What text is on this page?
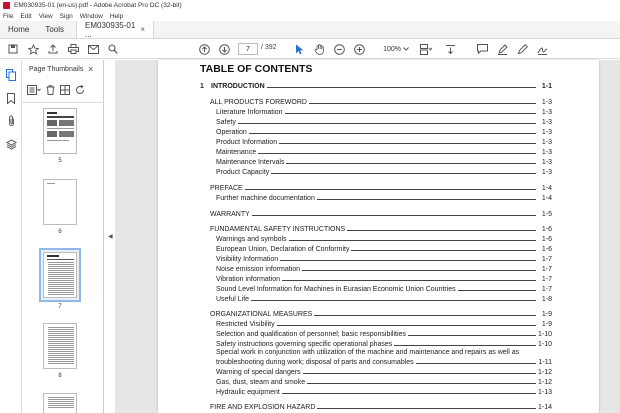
EM030935-01 (en-us).pdf - Adobe Acrobat Pro DC (32-bit)
File Edit View Sign Window Help
Home	Tools	EM030935-01 ...	×
7	/ 392	100%
Page Thumbnails ×
5
6
7
8
◀
TABLE OF CONTENTS
1	INTRODUCTION	1-1
ALL PRODUCTS FOREWORD	1-3
Literature Information	1-3
Safety	1-3
Operation	1-3
Product Information	1-3
Maintenance	1-3
Maintenance Intervals	1-3
Product Capacity	1-3
PREFACE	1-4
Further machine documentation	1-4
WARRANTY	1-5
FUNDAMENTAL SAFETY INSTRUCTIONS	1-6
Warnings and symbols	1-6
European Union, Declaration of Conformity	1-6
Visibility Information	1-7
Noise emission information	1-7
Vibration information	1-7
Sound Level Information for Machines in Eurasian Economic Union Countries	1-7
Useful Life	1-8
ORGANIZATIONAL MEASURES	1-9
Restricted Visibility	1-9
Selection and qualification of personnel; basic responsibilities	1-10
Safety instructions governing specific operational phases	1-10
Special work in conjunction with utilization of the machine and maintenance and repairs as well as
troubleshooting during work; disposal of parts and consumables	1-11
Warning of special dangers	1-12
Gas, dust, steam and smoke	1-12
Hydraulic equipment	1-13
FIRE AND EXPLOSION HAZARD	1-14
